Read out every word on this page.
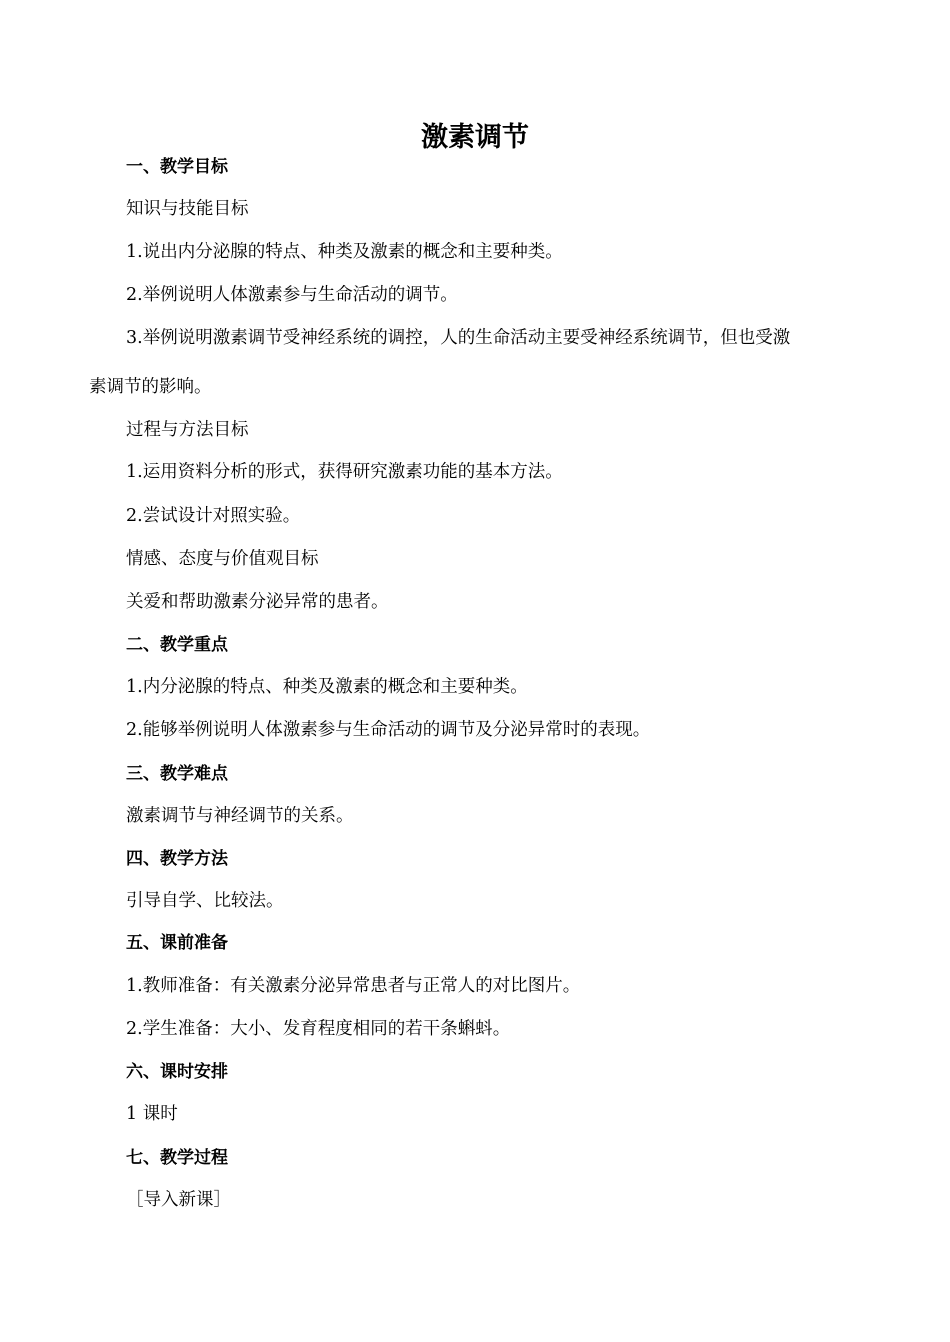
激素调节
一、教学目标
知识与技能目标
1.说出内分泌腺的特点、种类及激素的概念和主要种类。
2.举例说明人体激素参与生命活动的调节。
3.举例说明激素调节受神经系统的调控，人的生命活动主要受神经系统调节，但也受激
素调节的影响。
过程与方法目标
1.运用资料分析的形式，获得研究激素功能的基本方法。
2.尝试设计对照实验。
情感、态度与价值观目标
关爱和帮助激素分泌异常的患者。
二、教学重点
1.内分泌腺的特点、种类及激素的概念和主要种类。
2.能够举例说明人体激素参与生命活动的调节及分泌异常时的表现。
三、教学难点
激素调节与神经调节的关系。
四、教学方法
引导自学、比较法。
五、课前准备
1.教师准备：有关激素分泌异常患者与正常人的对比图片。
2.学生准备：大小、发育程度相同的若干条蝌蚪。
六、课时安排
1 课时
七、教学过程
［导入新课］
